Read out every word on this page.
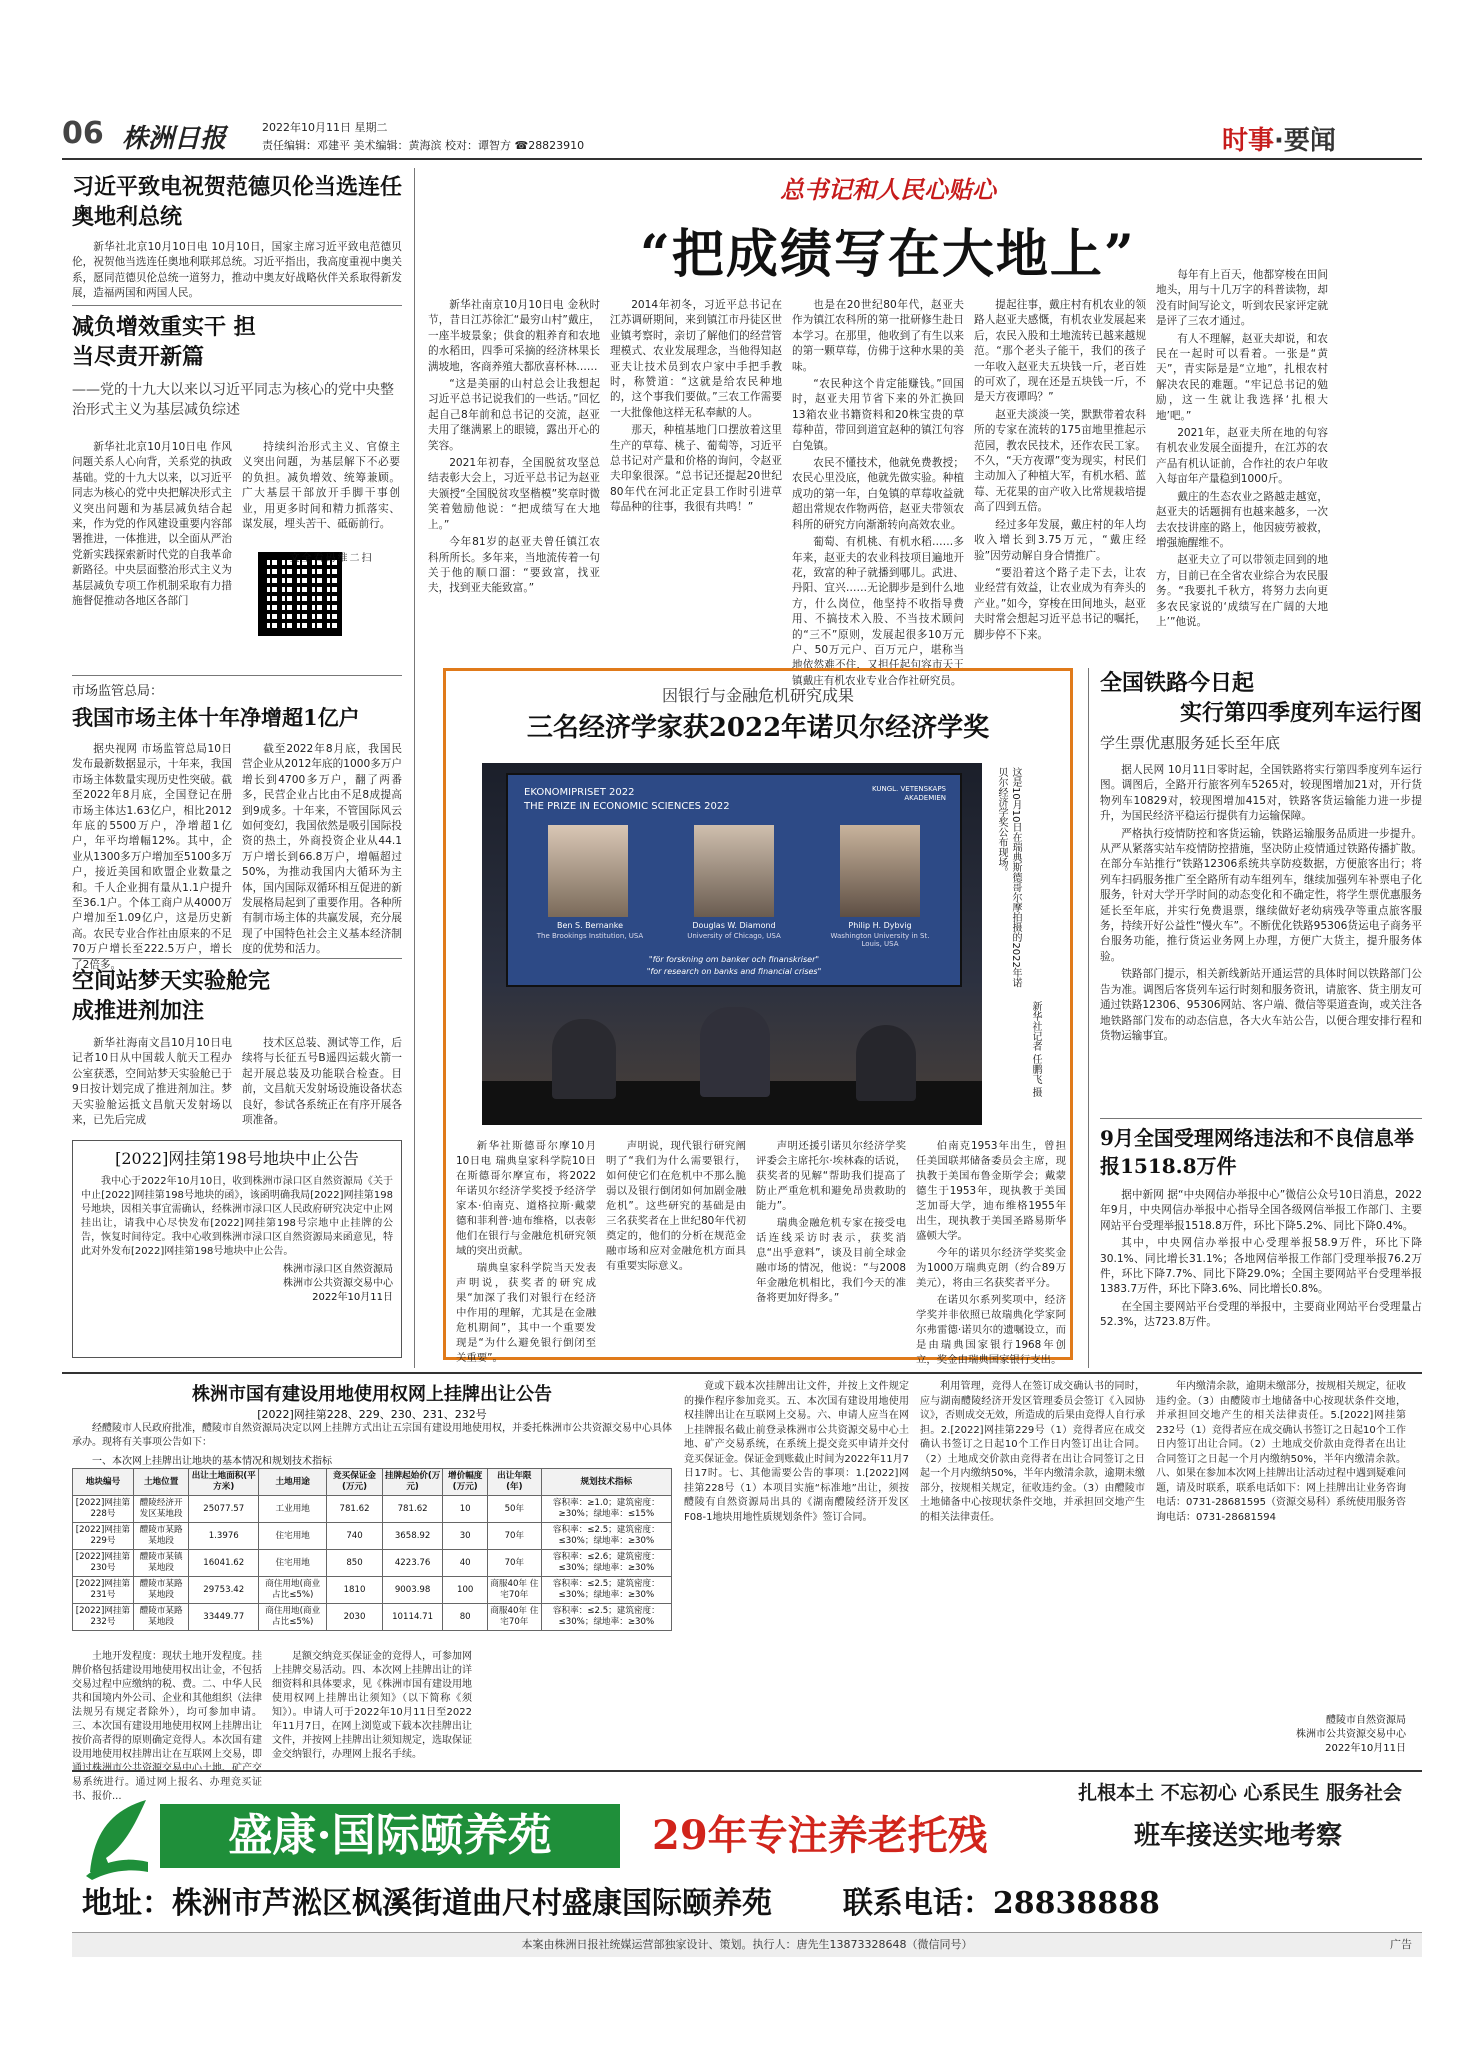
06 株洲日报	2022年10月11日 星期二
责任编辑：邓建平 美术编辑：黄海滨 校对：谭智方 ☎28823910	时事·要闻
习近平致电祝贺范德贝伦当选连任奥地利总统

新华社北京10月10日电 10月10日，国家主席习近平致电范德贝伦，祝贺他当选连任奥地利联邦总统。习近平指出，我高度重视中奥关系，愿同范德贝伦总统一道努力，推动中奥友好战略伙伴关系取得新发展，造福两国和两国人民。

减负增效重实干 担当尽责开新篇
——党的十九大以来以习近平同志为核心的党中央整治形式主义为基层减负综述
新华社北京10月10日电 作风问题关系人心向背，关系党的执政基础。党的十九大以来，以习近平同志为核心的党中央把解决形式主义突出问题和为基层减负结合起来，作为党的作风建设重要内容部署推进，一体推进，以全面从严治党新实践探索新时代党的自我革命新路径。中央层面整治形式主义为基层减负专项工作机制采取有力措施督促推动各地区各部门
持续纠治形式主义、官僚主义突出问题，为基层解下不必要的负担。减负增效、统筹兼顾。广大基层干部放开手脚干事创业，用更多时间和精力抓落实、谋发展，埋头苦干、砥砺前行。
扫二维码看全文
市场监管总局：
我国市场主体十年净增超1亿户
据央视网 市场监管总局10日发布最新数据显示，十年来，我国市场主体数量实现历史性突破。截至2022年8月底，全国登记在册市场主体达1.63亿户，相比2012年底的5500万户，净增超1亿户，年平均增幅12%。其中，企业从1300多万户增加至5100多万户，接近美国和欧盟企业数量之和。千人企业拥有量从1.1户提升至36.1户。个体工商户从4000万户增加至1.09亿户，这是历史新高。农民专业合作社由原来的不足70万户增长至222.5万户，增长了2倍多。
截至2022年8月底，我国民营企业从2012年底的1000多万户增长到4700多万户，翻了两番多，民营企业占比由不足8成提高到9成多。十年来，不管国际风云如何变幻，我国依然是吸引国际投资的热土，外商投资企业从44.1万户增长到66.8万户，增幅超过50%，为推动我国内大循环为主体，国内国际双循环相互促进的新发展格局起到了重要作用。各种所有制市场主体的共赢发展，充分展现了中国特色社会主义基本经济制度的优势和活力。
空间站梦天实验舱完成推进剂加注
新华社海南文昌10月10日电 记者10日从中国载人航天工程办公室获悉，空间站梦天实验舱已于9日按计划完成了推进剂加注。梦天实验舱运抵文昌航天发射场以来，已先后完成
技术区总装、测试等工作，后续将与长征五号B遥四运载火箭一起开展总装及功能联合检查。目前，文昌航天发射场设施设备状态良好，参试各系统正在有序开展各项准备。
[2022]网挂第198号地块中止公告
我中心于2022年10月10日，收到株洲市渌口区自然资源局《关于中止[2022]网挂第198号地块的函》，该函明确我局[2022]网挂第198号地块，因相关事宜需确认，经株洲市渌口区人民政府研究决定中止网挂出让，请我中心尽快发布[2022]网挂第198号宗地中止挂牌的公告，恢复时间待定。我中心收到株洲市渌口区自然资源局来函意见，特此对外发布[2022]网挂第198号地块中止公告。
株洲市渌口区自然资源局
株洲市公共资源交易中心
2022年10月11日
总书记和人民心贴心
“把成绩写在大地上”

新华社南京10月10日电 金秋时节，昔日江苏徐汇“最穷山村”戴庄，一座半坡景象；供食的粗养育和农地的水稻田，四季可采摘的经济林果长满坡地，客商养殖大都欣喜杯林……

“这是美丽的山村总会让我想起习近平总书记说我们的一些话。”回忆起自己8年前和总书记的交流，赵亚夫用了继满累上的眼镜，露出开心的笑容。

2021年初春，全国脱贫攻坚总结表彰大会上，习近平总书记为赵亚夫颁授“全国脱贫攻坚楷模”奖章时微笑着勉励他说：“把成绩写在大地上。”

今年81岁的赵亚夫曾任镇江农科所所长。多年来，当地流传着一句关于他的顺口溜：“要致富，找亚夫，找到亚夫能致富。”

2014年初冬，习近平总书记在江苏调研期间，来到镇江市丹徒区世业镇考察时，亲切了解他们的经营管理模式、农业发展理念，当他得知赵亚夫让技术员到农户家中手把手教时，称赞道：“这就是给农民种地的，这个事我们要做。”三农工作需要一大批像他这样无私奉献的人。

那天，种植基地门口摆放着这里生产的草莓、桃子、葡萄等，习近平总书记对产量和价格的询问，令赵亚夫印象很深。“总书记还提起20世纪80年代在河北正定县工作时引进草莓品种的往事，我很有共鸣！”

也是在20世纪80年代，赵亚夫作为镇江农科所的第一批研修生赴日本学习。在那里，他收到了有生以来的第一颗草莓，仿佛于这种水果的美味。

“农民种这个肯定能赚钱。”回国时，赵亚夫用节省下来的外汇换回13箱农业书籍资料和20株宝贵的草莓种苗，带回到道宜赵种的镇江句容白兔镇。

农民不懂技术，他就免费教授；农民心里没底，他就先做实验。种植成功的第一年，白兔镇的草莓收益就超出常规农作物两倍，赵亚夫带领农科所的研究方向渐渐转向高效农业。

葡萄、有机桃、有机水稻……多年来，赵亚夫的农业科技项目遍地开花，致富的种子就播到哪儿。武进、丹阳、宜兴……无论脚步是到什么地方，什么岗位，他坚持不收指导费用、不搞技术入股、不当技术顾问的“三不”原则，发展起很多10万元户、50万元户、百万元户，堪称当地依然难不住，又担任起句容市天王镇戴庄有机农业专业合作社研究员。

提起往事，戴庄村有机农业的领路人赵亚夫感慨，有机农业发展起来后，农民入股和土地流转已越来越规范。“那个老头子能干，我们的孩子一年收入赵亚夫五块钱一斤，老百姓的可欢了，现在还是五块钱一斤，不是天方夜谭吗？”

赵亚夫淡淡一笑，默默带着农科所的专家在流转的175亩地里推起示范园，教农民技术，还作农民工家。不久，“天方夜谭”变为现实，村民们主动加入了种植大军，有机水稻、蓝莓、无花果的亩产收入比常规栽培提高了四到五倍。

经过多年发展，戴庄村的年人均收入增长到3.75万元，“戴庄经验”因劳动解自身合情推广。

“要沿着这个路子走下去，让农业经营有效益，让农业成为有奔头的产业。”如今，穿梭在田间地头，赵亚夫时常会想起习近平总书记的嘱托，脚步停不下来。

每年有上百天，他都穿梭在田间地头，用与十几万字的科普读物，却没有时间写论文，听到农民家评定就是评了三农才通过。

有人不理解，赵亚夫却说，和农民在一起时可以看着。一张是“黄天”，青实际是是“立地”，扎根农村解决农民的难题。“牢记总书记的勉励，这一生就让我选择‘扎根大地’吧。”

2021年，赵亚夫所在地的句容有机农业发展全面提升，在江苏的农产品有机认证前，合作社的农户年收入每亩年产量稳到1000斤。

戴庄的生态农业之路越走越宽，赵亚夫的话题拥有也越来越多，一次去农技讲座的路上，他因疲劳被救，增强施醒维不。

赵亚夫立了可以带领走回到的地方，目前已在全省农业综合为农民服务。“我要扎千秋方，将努力去向更多农民家说的‘成绩写在广阔的大地上’”他说。

因银行与金融危机研究成果
三名经济学家获2022年诺贝尔经济学奖
EKONOMIPRISET 2022
THE PRIZE IN ECONOMIC SCIENCES 2022
KUNGL. VETENSKAPS AKADEMIEN
Ben S. Bernanke
The Brookings Institution, USA
Douglas W. Diamond
University of Chicago, USA
Philip H. Dybvig
Washington University in St. Louis, USA
"för forskning om banker och finanskriser"
"for research on banks and financial crises"	这是10月10日在瑞典斯德哥尔摩拍摄的2022年诺贝尔经济学奖公布现场。
新华社记者 任鹏飞 摄

新华社斯德哥尔摩10月10日电 瑞典皇家科学院10日在斯德哥尔摩宣布，将2022年诺贝尔经济学奖授予经济学家本·伯南克、道格拉斯·戴蒙德和菲利普·迪布维格，以表彰他们在银行与金融危机研究领域的突出贡献。

瑞典皇家科学院当天发表声明说，获奖者的研究成果“加深了我们对银行在经济中作用的理解，尤其是在金融危机期间”，其中一个重要发现是“为什么避免银行倒闭至关重要”。

声明说，现代银行研究阐明了“我们为什么需要银行，如何使它们在危机中不那么脆弱以及银行倒闭如何加剧金融危机”。这些研究的基础是由三名获奖者在上世纪80年代初奠定的，他们的分析在规范金融市场和应对金融危机方面具有重要实际意义。

声明还援引诺贝尔经济学奖评委会主席托尔·埃林森的话说，获奖者的见解“帮助我们提高了防止严重危机和避免昂贵救助的能力”。

瑞典金融危机专家在接受电话连线采访时表示，获奖消息“出乎意料”，谈及目前全球金融市场的情况，他说：“与2008年金融危机相比，我们今天的准备将更加好得多。”

伯南克1953年出生，曾担任美国联邦储备委员会主席，现执教于美国布鲁金斯学会；戴蒙德生于1953年，现执教于美国芝加哥大学，迪布维格1955年出生，现执教于美国圣路易斯华盛顿大学。

今年的诺贝尔经济学奖奖金为1000万瑞典克朗（约合89万美元），将由三名获奖者平分。

在诺贝尔系列奖项中，经济学奖并非依照已故瑞典化学家阿尔弗雷德·诺贝尔的遗嘱设立，而是由瑞典国家银行1968年创立，奖金由瑞典国家银行支出。

全国铁路今日起
实行第四季度列车运行图
学生票优惠服务延长至年底

据人民网 10月11日零时起，全国铁路将实行第四季度列车运行图。调图后，全路开行旅客列车5265对，较现图增加21对，开行货物列车10829对，较现图增加415对，铁路客货运输能力进一步提升，为国民经济平稳运行提供有力运输保障。

严格执行疫情防控和客货运输，铁路运输服务品质进一步提升。从严从紧落实站车疫情防控措施，坚决防止疫情通过铁路传播扩散。在部分车站推行“铁路12306系统共享防疫数据，方便旅客出行；将列车扫码服务推广至全路所有动车组列车，继续加强列车补票电子化服务，针对大学开学时间的动态变化和不确定性，将学生票优惠服务延长至年底，并实行免费退票，继续做好老幼病残孕等重点旅客服务，持续开好公益性“慢火车”。不断优化铁路95306货运电子商务平台服务功能，推行货运业务网上办理，方便广大货主，提升服务体验。

铁路部门提示，相关新线新站开通运营的具体时间以铁路部门公告为准。调图后客货列车运行时刻和服务资讯，请旅客、货主朋友可通过铁路12306、95306网站、客户端、微信等渠道查询，或关注各地铁路部门发布的动态信息，各大火车站公告，以便合理安排行程和货物运输事宜。

9月全国受理网络违法和不良信息举报1518.8万件

据中新网 据“中央网信办举报中心”微信公众号10日消息，2022年9月，中央网信办举报中心指导全国各级网信举报工作部门、主要网站平台受理举报1518.8万件，环比下降5.2%、同比下降0.4%。

其中，中央网信办举报中心受理举报58.9万件，环比下降30.1%、同比增长31.1%；各地网信举报工作部门受理举报76.2万件，环比下降7.7%、同比下降29.0%；全国主要网站平台受理举报1383.7万件，环比下降3.6%、同比增长0.8%。

在全国主要网站平台受理的举报中，主要商业网站平台受理量占52.3%，达723.8万件。

株洲市国有建设用地使用权网上挂牌出让公告
[2022]网挂第228、229、230、231、232号
经醴陵市人民政府批准，醴陵市自然资源局决定以网上挂牌方式出让五宗国有建设用地使用权，并委托株洲市公共资源交易中心具体承办。现将有关事项公告如下：
一、本次网上挂牌出让地块的基本情况和规划技术指标
地块编号	土地位置	出让土地面积(平方米)	土地用途	竞买保证金(万元)	挂牌起始价(万元)	增价幅度(万元)	出让年限(年)	规划技术指标
[2022]网挂第228号	醴陵经济开发区某地段	25077.57	工业用地	781.62	781.62	10	50年	容积率：≥1.0；建筑密度：≥30%；绿地率：≤15%
[2022]网挂第229号	醴陵市某路某地段	1.3976	住宅用地	740	3658.92	30	70年	容积率：≤2.5；建筑密度：≤30%；绿地率：≥30%
[2022]网挂第230号	醴陵市某镇某地段	16041.62	住宅用地	850	4223.76	40	70年	容积率：≤2.6；建筑密度：≤30%；绿地率：≥30%
[2022]网挂第231号	醴陵市某路某地段	29753.42	商住用地(商业占比≤5%)	1810	9003.98	100	商服40年 住宅70年	容积率：≤2.5；建筑密度：≤30%；绿地率：≥30%
[2022]网挂第232号	醴陵市某路某地段	33449.77	商住用地(商业占比≤5%)	2030	10114.71	80	商服40年 住宅70年	容积率：≤2.5；建筑密度：≤30%；绿地率：≥30%
土地开发程度：现状土地开发程度。挂牌价格包括建设用地使用权出让金，不包括交易过程中应缴纳的税、费。二、中华人民共和国境内外公司、企业和其他组织（法律法规另有规定者除外），均可参加申请。三、本次国有建设用地使用权网上挂牌出让按价高者得的原则确定竞得人。本次国有建设用地使用权挂牌出让在互联网上交易，即通过株洲市公共资源交易中心土地、矿产交易系统进行。通过网上报名、办理竞买证书、报价...
足额交纳竞买保证金的竞得人，可参加网上挂牌交易活动。四、本次网上挂牌出让的详细资料和具体要求，见《株洲市国有建设用地使用权网上挂牌出让须知》（以下简称《须知》）。申请人可于2022年10月11日至2022年11月7日，在网上浏览或下载本次挂牌出让文件，并按网上挂牌出让须知规定，选取保证金交纳银行，办理网上报名手续。
竟或下载本次挂牌出让文件，并按上文件规定的操作程序参加竞买。五、本次国有建设用地使用权挂牌出让在互联网上交易。六、申请人应当在网上挂牌报名截止前登录株洲市公共资源交易中心土地、矿产交易系统，在系统上提交竞买申请并交付竞买保证金。保证金到账截止时间为2022年11月7日17时。七、其他需要公告的事项：1.[2022]网挂第228号（1）本项目实施“标准地”出让，须按醴陵有自然资源局出具的《湖南醴陵经济开发区F08-1地块用地性质规划条件》签订合同。
利用管理，竞得人在签订成交确认书的同时，应与湖南醴陵经济开发区管理委员会签订《入园协议》，否则成交无效，所造成的后果由竞得人自行承担。2.[2022]网挂第229号（1）竞得者应在成交确认书签订之日起10个工作日内签订出让合同。（2）土地成交价款由竞得者在出让合同签订之日起一个月内缴纳50%，半年内缴清余款，逾期未缴部分，按规相关规定，征收违约金。（3）由醴陵市土地储备中心按现状条件交地，并承担回交地产生的相关法律责任。
年内缴清余款，逾期未缴部分，按规相关规定，征收违约金。（3）由醴陵市土地储备中心按现状条件交地，并承担回交地产生的相关法律责任。5.[2022]网挂第232号（1）竞得者应在成交确认书签订之日起10个工作日内签订出让合同。（2）土地成交价款由竞得者在出让合同签订之日起一个月内缴纳50%，半年内缴清余款。八、如果在参加本次网上挂牌出让活动过程中遇到疑难问题，请及时联系，联系电话如下：网上挂牌出让业务咨询电话：0731-28681595（资源交易科）系统使用服务咨询电话：0731-28681594
醴陵市自然资源局
株洲市公共资源交易中心
2022年10月11日
扎根本土 不忘初心 心系民生 服务社会
盛康·国际颐养苑	29年专注养老托残	班车接送实地考察
地址：株洲市芦淞区枫溪街道曲尺村盛康国际颐养苑 联系电话：28838888
本案由株洲日报社统媒运营部独家设计、策划。执行人：唐先生13873328648（微信同号）	广告
